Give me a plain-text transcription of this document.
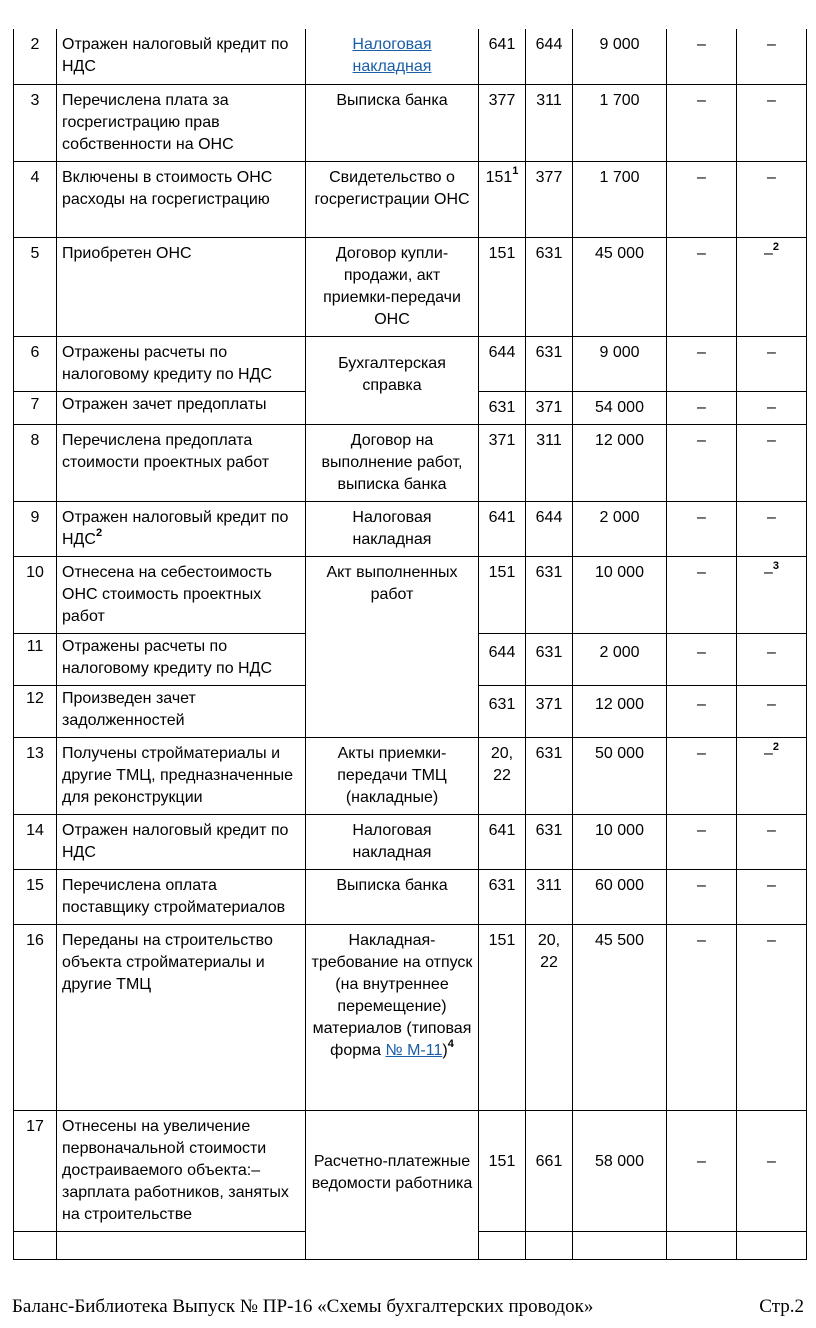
2	Отражен налоговый кредит по НДС	Налоговая накладная	641	644	9 000	–	–
3	Перечислена плата за госрегистрацию прав собственности на ОНС	Выписка банка	377	311	1 700	–	–
4	Включены в стоимость ОНС расходы на госрегистрацию	Свидетельство о госрегистрации ОНС	$151^1$	377	1 700	–	–
5	Приобретен ОНС	Договор купли-продажи, акт приемки-передачи ОНС	151	631	45 000	–	–$^2$
6	Отражены расчеты по налоговому кредиту по НДС	Бухгалтерская справка	644	631	9 000	–	–
7	Отражен зачет предоплаты		631	371	54 000	–	–
8	Перечислена предоплата стоимости проектных работ	Договор на выполнение работ, выписка банка	371	311	12 000	–	–
9	Отражен налоговый кредит по НДС$^2$	Налоговая накладная	641	644	2 000	–	–
10	Отнесена на себестоимость ОНС стоимость проектных работ	Акт выполненных работ	151	631	10 000	–	–$^3$
11	Отражены расчеты по налоговому кредиту по НДС		644	631	2 000	–	–
12	Произведен зачет задолженностей		631	371	12 000	–	–
13	Получены стройматериалы и другие ТМЦ, предназначенные для реконструкции	Акты приемки-передачи ТМЦ (накладные)	20, 22	631	50 000	–	–$^2$
14	Отражен налоговый кредит по НДС	Налоговая накладная	641	631	10 000	–	–
15	Перечислена оплата поставщику стройматериалов	Выписка банка	631	311	60 000	–	–
16	Переданы на строительство объекта стройматериалы и другие ТМЦ	Накладная-требование на отпуск (на внутреннее перемещение) материалов (типовая форма № М-11)$^4$	151	20, 22	45 500	–	–
17	Отнесены на увеличение первоначальной стоимости достраиваемого объекта:– зарплата работников, занятых на строительстве	Расчетно-платежные ведомости работника	151	661	58 000	–	–

Баланс-Библиотека Выпуск № ПР-16 «Схемы бухгалтерских проводок»	Стр.2
